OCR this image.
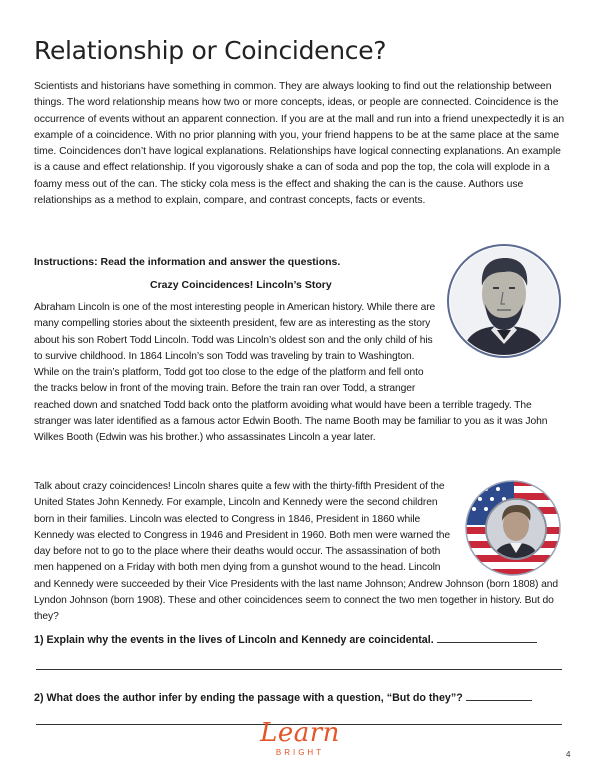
Relationship or Coincidence?

Scientists and historians have something in common. They are always looking to find out the relationship between things. The word relationship means how two or more concepts, ideas, or people are connected. Coincidence is the occurrence of events without an apparent connection. If you are at the mall and run into a friend unexpectedly it is an example of a coincidence. With no prior planning with you, your friend happens to be at the same place at the same time. Coincidences don’t have logical explanations. Relationships have logical connecting explanations. An example is a cause and effect relationship. If you vigorously shake a can of soda and pop the top, the cola will explode in a foamy mess out of the can. The sticky cola mess is the effect and shaking the can is the cause. Authors use relationships as a method to explain, compare, and contrast concepts, facts or events.

Instructions: Read the information and answer the questions.

Crazy Coincidences! Lincoln’s Story

Abraham Lincoln is one of the most interesting people in American history. While there are many compelling stories about the sixteenth president, few are as interesting as the story about his son Robert Todd Lincoln. Todd was Lincoln’s oldest son and the only child of his to survive childhood. In 1864 Lincoln’s son Todd was traveling by train to Washington. While on the train’s platform, Todd got too close to the edge of the platform and fell onto the tracks below in front of the moving train. Before the train ran over Todd, a stranger reached down and snatched Todd back onto the platform avoiding what would have been a terrible tragedy. The stranger was later identified as a famous actor Edwin Booth. The name Booth may be familiar to you as it was John Wilkes Booth (Edwin was his brother.) who assassinates Lincoln a year later.
Talk about crazy coincidences! Lincoln shares quite a few with the thirty-fifth President of the United States John Kennedy. For example, Lincoln and Kennedy were the second children born in their families. Lincoln was elected to Congress in 1846, President in 1860 while Kennedy was elected to Congress in 1946 and President in 1960. Both men were warned the day before not to go to the place where their deaths would occur. The assassination of both men happened on a Friday with both men dying from a gunshot wound to the head. Lincoln and Kennedy were succeeded by their Vice Presidents with the last name Johnson; Andrew Johnson (born 1808) and Lyndon Johnson (born 1908). These and other coincidences seem to connect the two men together in history. But do they?

1) Explain why the events in the lives of Lincoln and Kennedy are coincidental.

2) What does the author infer by ending the passage with a question, “But do they”?

Learn
BRIGHT	4
